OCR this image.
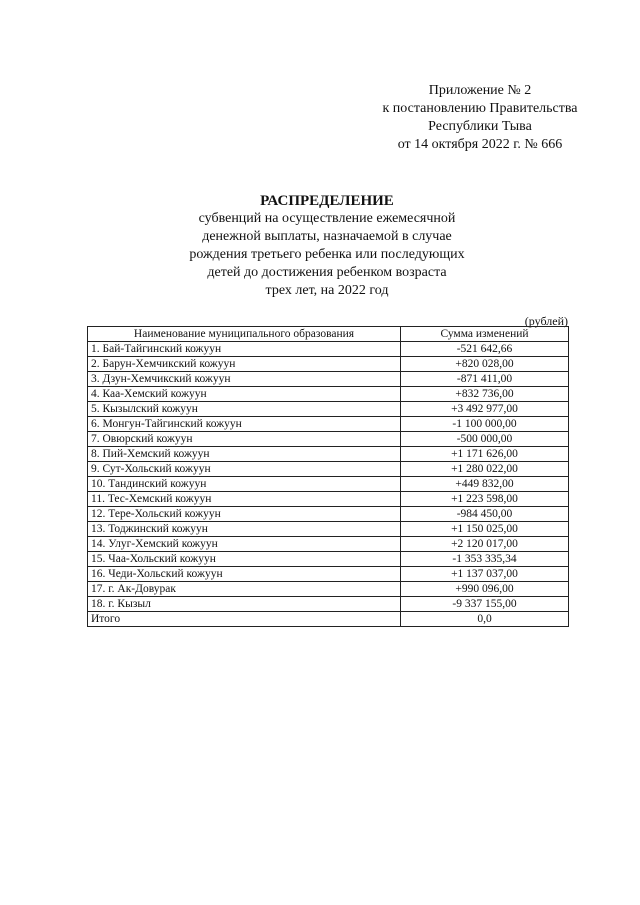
Приложение № 2
к постановлению Правительства
Республики Тыва
от 14 октября 2022 г. № 666
РАСПРЕДЕЛЕНИЕ
субвенций на осуществление ежемесячной
денежной выплаты, назначаемой в случае
рождения третьего ребенка или последующих
детей до достижения ребенком возраста
трех лет, на 2022 год
(рублей)
Наименование муниципального образования	Сумма изменений
1. Бай-Тайгинский кожуун	-521 642,66
2. Барун-Хемчикский кожуун	+820 028,00
3. Дзун-Хемчикский кожуун	-871 411,00
4. Каа-Хемский кожуун	+832 736,00
5. Кызылский кожуун	+3 492 977,00
6. Монгун-Тайгинский кожуун	-1 100 000,00
7. Овюрский кожуун	-500 000,00
8. Пий-Хемский кожуун	+1 171 626,00
9. Сут-Хольский кожуун	+1 280 022,00
10. Тандинский кожуун	+449 832,00
11. Тес-Хемский кожуун	+1 223 598,00
12. Тере-Хольский кожуун	-984 450,00
13. Тоджинский кожуун	+1 150 025,00
14. Улуг-Хемский кожуун	+2 120 017,00
15. Чаа-Хольский кожуун	-1 353 335,34
16. Чеди-Хольский кожуун	+1 137 037,00
17. г. Ак-Довурак	+990 096,00
18. г. Кызыл	-9 337 155,00
Итого	0,0
